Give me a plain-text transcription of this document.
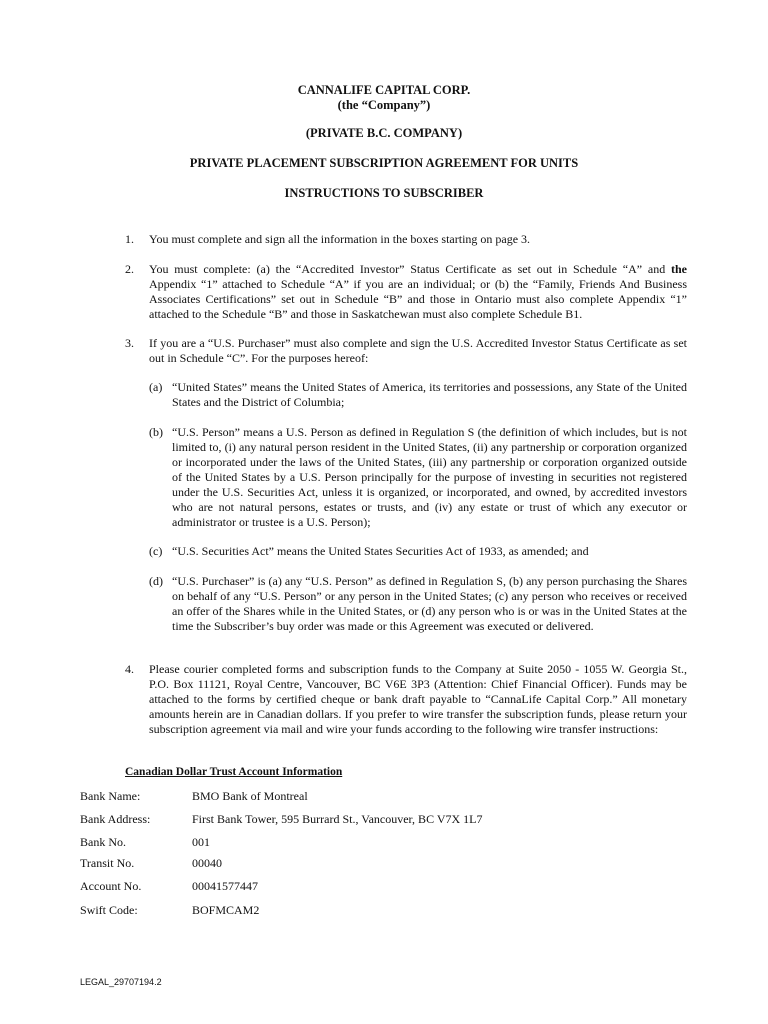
CANNALIFE CAPITAL CORP.
(the “Company”)
(PRIVATE B.C. COMPANY)
PRIVATE PLACEMENT SUBSCRIPTION AGREEMENT FOR UNITS
INSTRUCTIONS TO SUBSCRIBER
1. You must complete and sign all the information in the boxes starting on page 3.
2. You must complete: (a) the “Accredited Investor” Status Certificate as set out in Schedule “A” and the Appendix “1” attached to Schedule “A” if you are an individual; or (b) the “Family, Friends And Business Associates Certifications” set out in Schedule “B” and those in Ontario must also complete Appendix “1” attached to the Schedule “B” and those in Saskatchewan must also complete Schedule B1.
3. If you are a “U.S. Purchaser” must also complete and sign the U.S. Accredited Investor Status Certificate as set out in Schedule “C”. For the purposes hereof:
(a) “United States” means the United States of America, its territories and possessions, any State of the United States and the District of Columbia;
(b) “U.S. Person” means a U.S. Person as defined in Regulation S (the definition of which includes, but is not limited to, (i) any natural person resident in the United States, (ii) any partnership or corporation organized or incorporated under the laws of the United States, (iii) any partnership or corporation organized outside of the United States by a U.S. Person principally for the purpose of investing in securities not registered under the U.S. Securities Act, unless it is organized, or incorporated, and owned, by accredited investors who are not natural persons, estates or trusts, and (iv) any estate or trust of which any executor or administrator or trustee is a U.S. Person);
(c) “U.S. Securities Act” means the United States Securities Act of 1933, as amended; and
(d) “U.S. Purchaser” is (a) any “U.S. Person” as defined in Regulation S, (b) any person purchasing the Shares on behalf of any “U.S. Person” or any person in the United States; (c) any person who receives or received an offer of the Shares while in the United States, or (d) any person who is or was in the United States at the time the Subscriber’s buy order was made or this Agreement was executed or delivered.
4. Please courier completed forms and subscription funds to the Company at Suite 2050 - 1055 W. Georgia St., P.O. Box 11121, Royal Centre, Vancouver, BC V6E 3P3 (Attention: Chief Financial Officer). Funds may be attached to the forms by certified cheque or bank draft payable to “CannaLife Capital Corp.” All monetary amounts herein are in Canadian dollars. If you prefer to wire transfer the subscription funds, please return your subscription agreement via mail and wire your funds according to the following wire transfer instructions:
Canadian Dollar Trust Account Information
Bank Name:	BMO Bank of Montreal
Bank Address:	First Bank Tower, 595 Burrard St., Vancouver, BC V7X 1L7
Bank No.	001
Transit No.	00040
Account No.	00041577447
Swift Code:	BOFMCAM2
LEGAL_29707194.2
